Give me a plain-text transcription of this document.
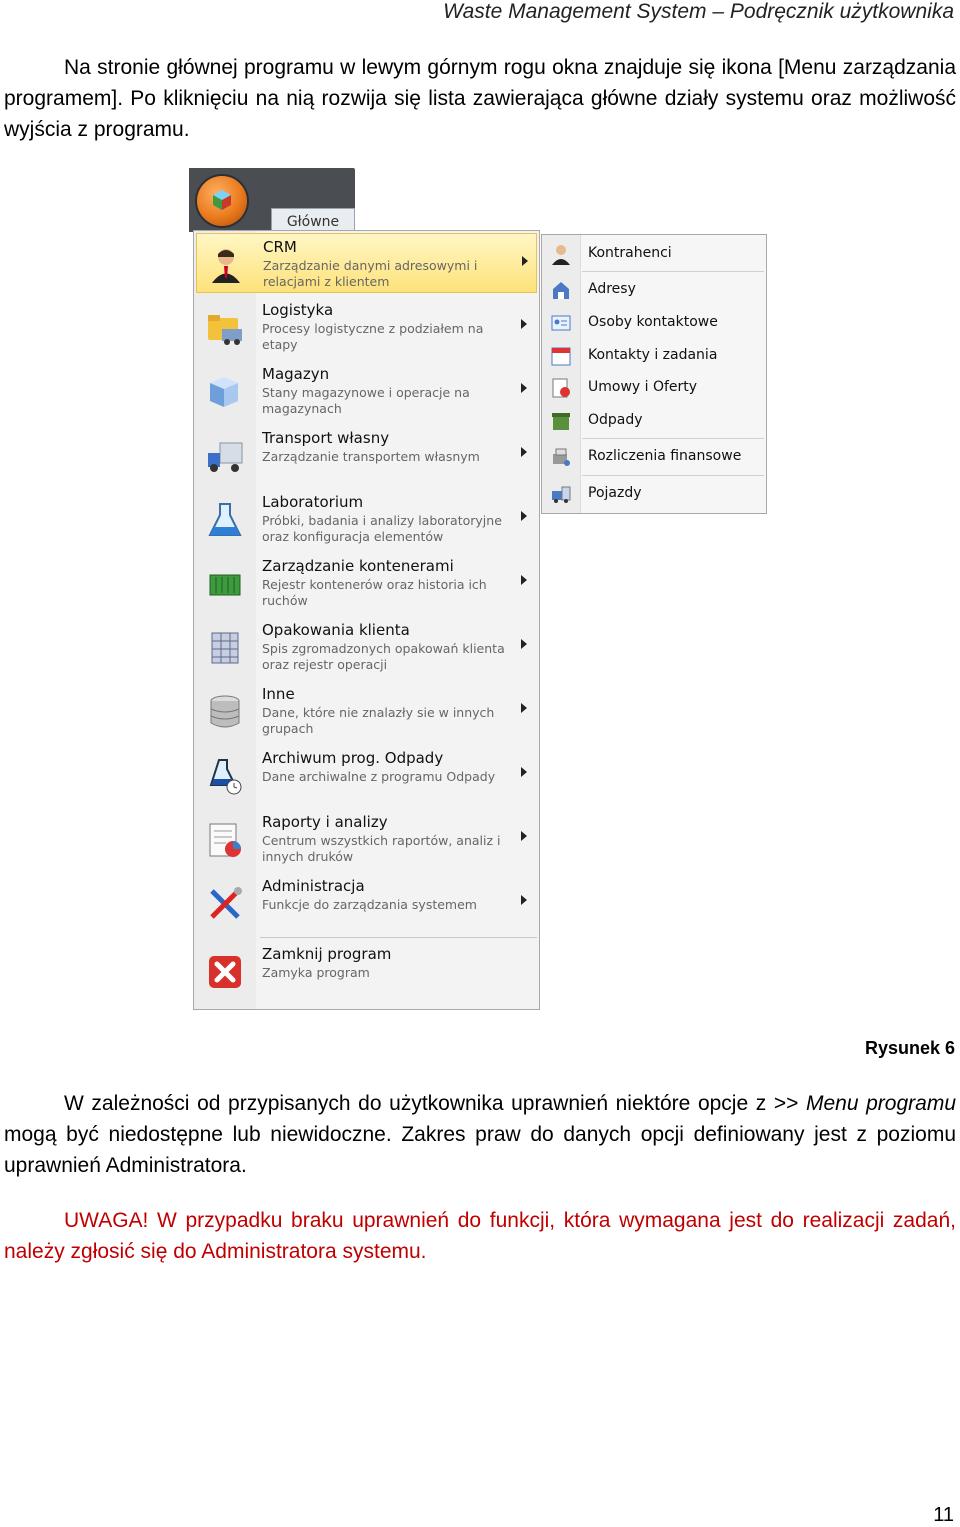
Waste Management System – Podręcznik użytkownika
Na stronie głównej programu w lewym górnym rogu okna znajduje się ikona [Menu zarządzania programem]. Po kliknięciu na nią rozwija się lista zawierająca główne działy systemu oraz możliwość wyjścia z programu.
Główne
CRM
Zarządzanie danymi adresowymi i relacjami z klientem
Logistyka
Procesy logistyczne z podziałem na etapy
Magazyn
Stany magazynowe i operacje na magazynach
Transport własny
Zarządzanie transportem własnym
Laboratorium
Próbki, badania i analizy laboratoryjne oraz konfiguracja elementów
Zarządzanie kontenerami
Rejestr kontenerów oraz historia ich ruchów
Opakowania klienta
Spis zgromadzonych opakowań klienta oraz rejestr operacji
Inne
Dane, które nie znalazły sie w innych grupach
Archiwum prog. Odpady
Dane archiwalne z programu Odpady
Raporty i analizy
Centrum wszystkich raportów, analiz i innych druków
Administracja
Funkcje do zarządzania systemem
Zamknij program
Zamyka program
Kontrahenci
Adresy
Osoby kontaktowe
Kontakty i zadania
Umowy i Oferty
Odpady
Rozliczenia finansowe
Pojazdy
Rysunek 6
W zależności od przypisanych do użytkownika uprawnień niektóre opcje z >> Menu programu mogą być niedostępne lub niewidoczne. Zakres praw do danych opcji definiowany jest z poziomu uprawnień Administratora.
UWAGA! W przypadku braku uprawnień do funkcji, która wymagana jest do realizacji zadań, należy zgłosić się do Administratora systemu.
11
